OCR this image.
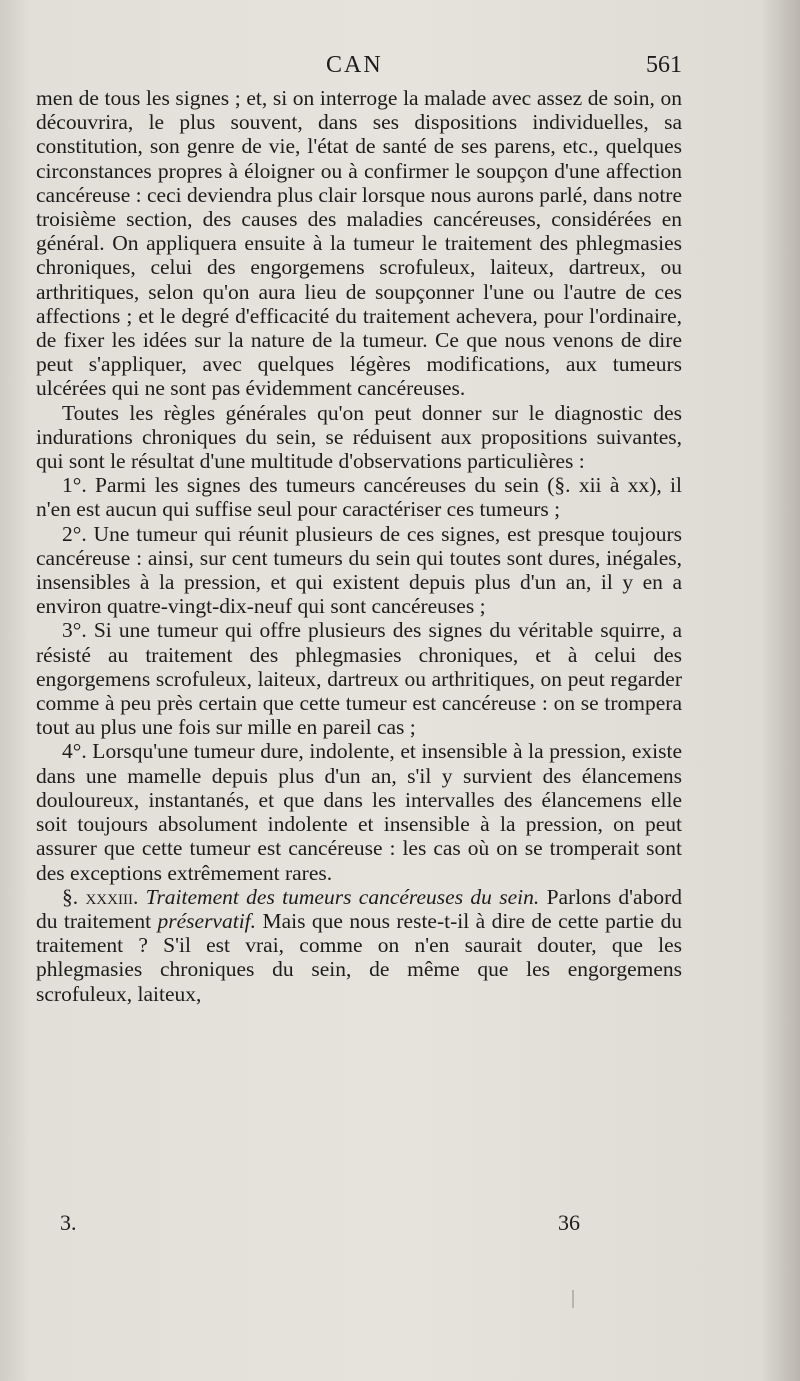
CAN	561

men de tous les signes ; et, si on interroge la malade avec assez de soin, on découvrira, le plus souvent, dans ses dispositions individuelles, sa constitution, son genre de vie, l'état de santé de ses parens, etc., quelques circonstances propres à éloigner ou à confirmer le soupçon d'une affection cancéreuse : ceci deviendra plus clair lorsque nous aurons parlé, dans notre troisième section, des causes des maladies cancéreuses, considérées en général. On appliquera ensuite à la tumeur le traitement des phlegmasies chroniques, celui des engorgemens scrofuleux, laiteux, dartreux, ou arthritiques, selon qu'on aura lieu de soupçonner l'une ou l'autre de ces affections ; et le degré d'efficacité du traitement achevera, pour l'ordinaire, de fixer les idées sur la nature de la tumeur. Ce que nous venons de dire peut s'appliquer, avec quelques légères modifications, aux tumeurs ulcérées qui ne sont pas évidemment cancéreuses.

Toutes les règles générales qu'on peut donner sur le diagnostic des indurations chroniques du sein, se réduisent aux propositions suivantes, qui sont le résultat d'une multitude d'observations particulières :

1°. Parmi les signes des tumeurs cancéreuses du sein (§. xii à xx), il n'en est aucun qui suffise seul pour caractériser ces tumeurs ;

2°. Une tumeur qui réunit plusieurs de ces signes, est presque toujours cancéreuse : ainsi, sur cent tumeurs du sein qui toutes sont dures, inégales, insensibles à la pression, et qui existent depuis plus d'un an, il y en a environ quatre-vingt-dix-neuf qui sont cancéreuses ;

3°. Si une tumeur qui offre plusieurs des signes du véritable squirre, a résisté au traitement des phlegmasies chroniques, et à celui des engorgemens scrofuleux, laiteux, dartreux ou arthritiques, on peut regarder comme à peu près certain que cette tumeur est cancéreuse : on se trompera tout au plus une fois sur mille en pareil cas ;

4°. Lorsqu'une tumeur dure, indolente, et insensible à la pression, existe dans une mamelle depuis plus d'un an, s'il y survient des élancemens douloureux, instantanés, et que dans les intervalles des élancemens elle soit toujours absolument indolente et insensible à la pression, on peut assurer que cette tumeur est cancéreuse : les cas où on se tromperait sont des exceptions extrêmement rares.

§. xxxiii. Traitement des tumeurs cancéreuses du sein. Parlons d'abord du traitement préservatif. Mais que nous reste-t-il à dire de cette partie du traitement ? S'il est vrai, comme on n'en saurait douter, que les phlegmasies chroniques du sein, de même que les engorgemens scrofuleux, laiteux,

3.	36
